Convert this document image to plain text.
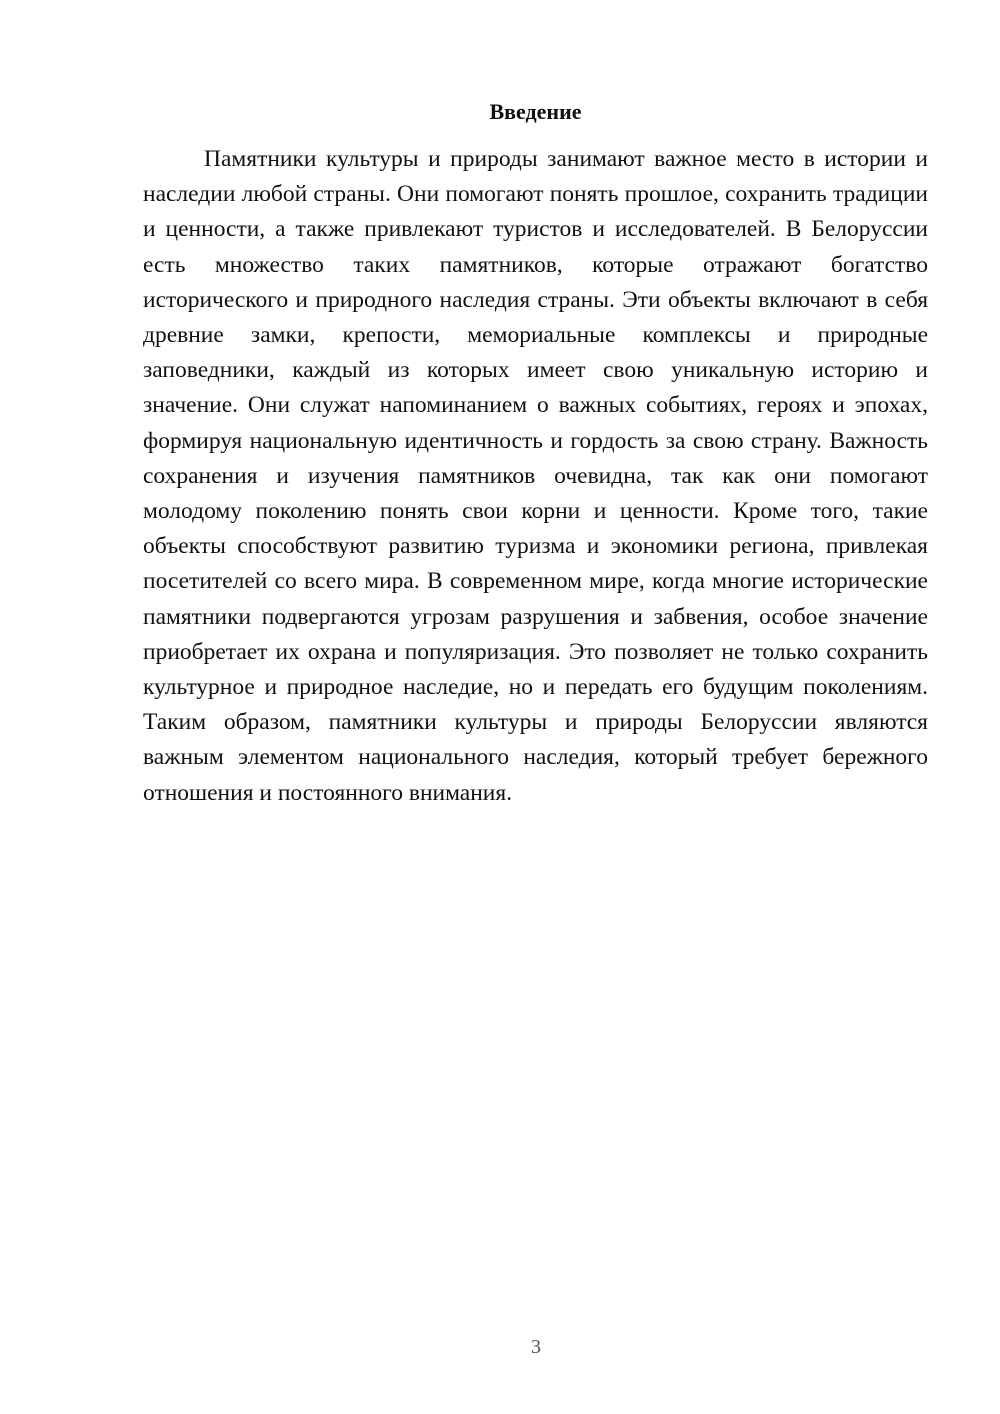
Введение

Памятники культуры и природы занимают важное место в истории и наследии любой страны. Они помогают понять прошлое, сохранить традиции и ценности, а также привлекают туристов и исследователей. В Белоруссии есть множество таких памятников, которые отражают богатство исторического и природного наследия страны. Эти объекты включают в себя древние замки, крепости, мемориальные комплексы и природные заповедники, каждый из которых имеет свою уникальную историю и значение. Они служат напоминанием о важных событиях, героях и эпохах, формируя национальную идентичность и гордость за свою страну. Важность сохранения и изучения памятников очевидна, так как они помогают молодому поколению понять свои корни и ценности. Кроме того, такие объекты способствуют развитию туризма и экономики региона, привлекая посетителей со всего мира. В современном мире, когда многие исторические памятники подвергаются угрозам разрушения и забвения, особое значение приобретает их охрана и популяризация. Это позволяет не только сохранить культурное и природное наследие, но и передать его будущим поколениям. Таким образом, памятники культуры и природы Белоруссии являются важным элементом национального наследия, который требует бережного отношения и постоянного внимания.

3
